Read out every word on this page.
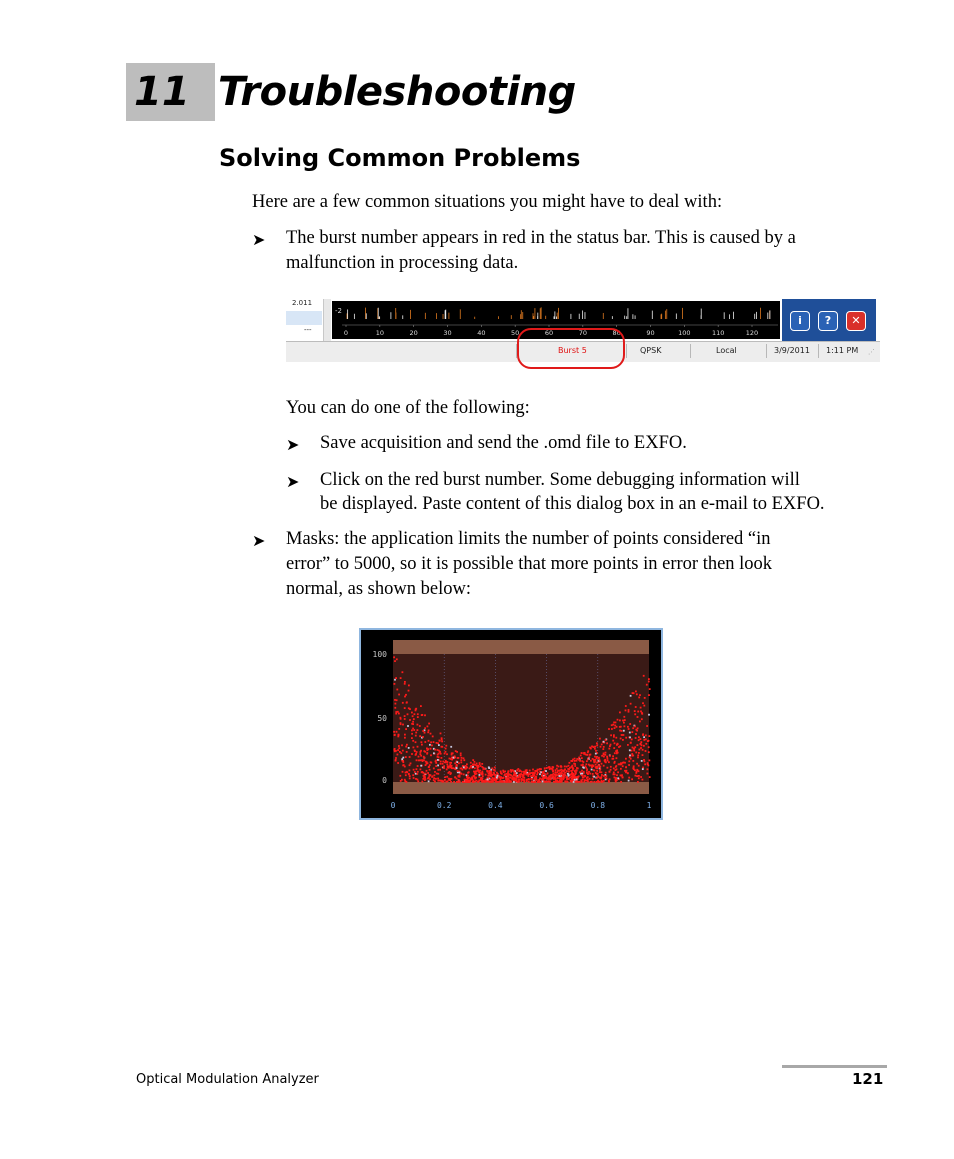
11 Troubleshooting
Solving Common Problems
Here are a few common situations you might have to deal with:
➤ The burst number appears in red in the status bar. This is caused by a
malfunction in processing data.
2.011
---
-2
0	10	20	30	40	50	60	70	80	90	100	110	120
i	?	✕
Burst 5	QPSK	Local	3/9/2011 1:11 PM ⋰
You can do one of the following:
➤ Save acquisition and send the .omd file to EXFO.
➤ Click on the red burst number. Some debugging information will
be displayed. Paste content of this dialog box in an e-mail to EXFO.
➤ Masks: the application limits the number of points considered “in
error” to 5000, so it is possible that more points in error then look
normal, as shown below:
100
50
0
0	0.2	0.4	0.6	0.8	1
Optical Modulation Analyzer	121
